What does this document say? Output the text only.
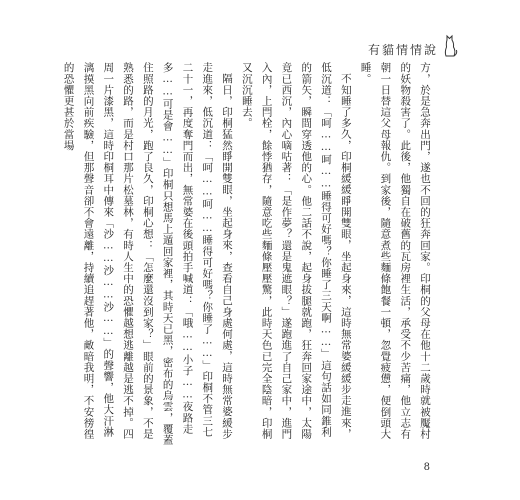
有貓情情說

方，於是急奔出門，遂也不回的狂奔回家。印桐的父母在他十二歲時就被魘村的妖物殺害了。此後，他獨自在破舊的瓦房裡生活，承受不少苦痛，他立志有朝一日替這父母報仇。到家後，隨意煮些麵條飽餐一頓，忽覺疲憊，便倒頭大睡。

不知睡了多久，印桐緩緩睜開雙眼，坐起身來，這時無常婆緩緩步走進來，低沉道：「呵……呵……睡得可好嗎？你睡了三天啊……」這句話如同錐利的箭矢，瞬間穿透他的心。他二話不說，起身拔腿就跑，狂奔回家途中，太陽竟已西沉，內心嘀咕著：「是作夢？還是鬼遮眼？」遂跑進了自己家中，進門入內，上閂栓，餘悸猶存，隨意吃些麵條壓壓驚，此時天色已完全陰暗，印桐又沉沉睡去。

隔日，印桐猛然睜開雙眼，坐起身來，查看自己身處何處，這時無常婆緩步走進來，低沉道：「呵……呵……睡得可好嗎？你睡了……」印桐不管三七二十一，再度奪門而出，無常婆在後頭拍手喊道：「哦……小子……夜路走多……可是會……」印桐只想馬上遁回家裡，其時天已黑，密布的烏雲，覆蓋住照路的月光，跑了良久，印桐心想：「怎麼還沒到家？」眼前的景象，不是熟悉的路，而是村口那片松墓林，有時人生中的恐懼越想逃離越是逃不掉。四周一片漆黑，這時印桐耳中傳來「沙……沙……沙……」的聲響，他大汗淋漓摸黑向前疾驗，但那聲音卻不會遠離，持續追趕著他，敵暗我明，不安徬徨的恐懼更甚於當場

8
